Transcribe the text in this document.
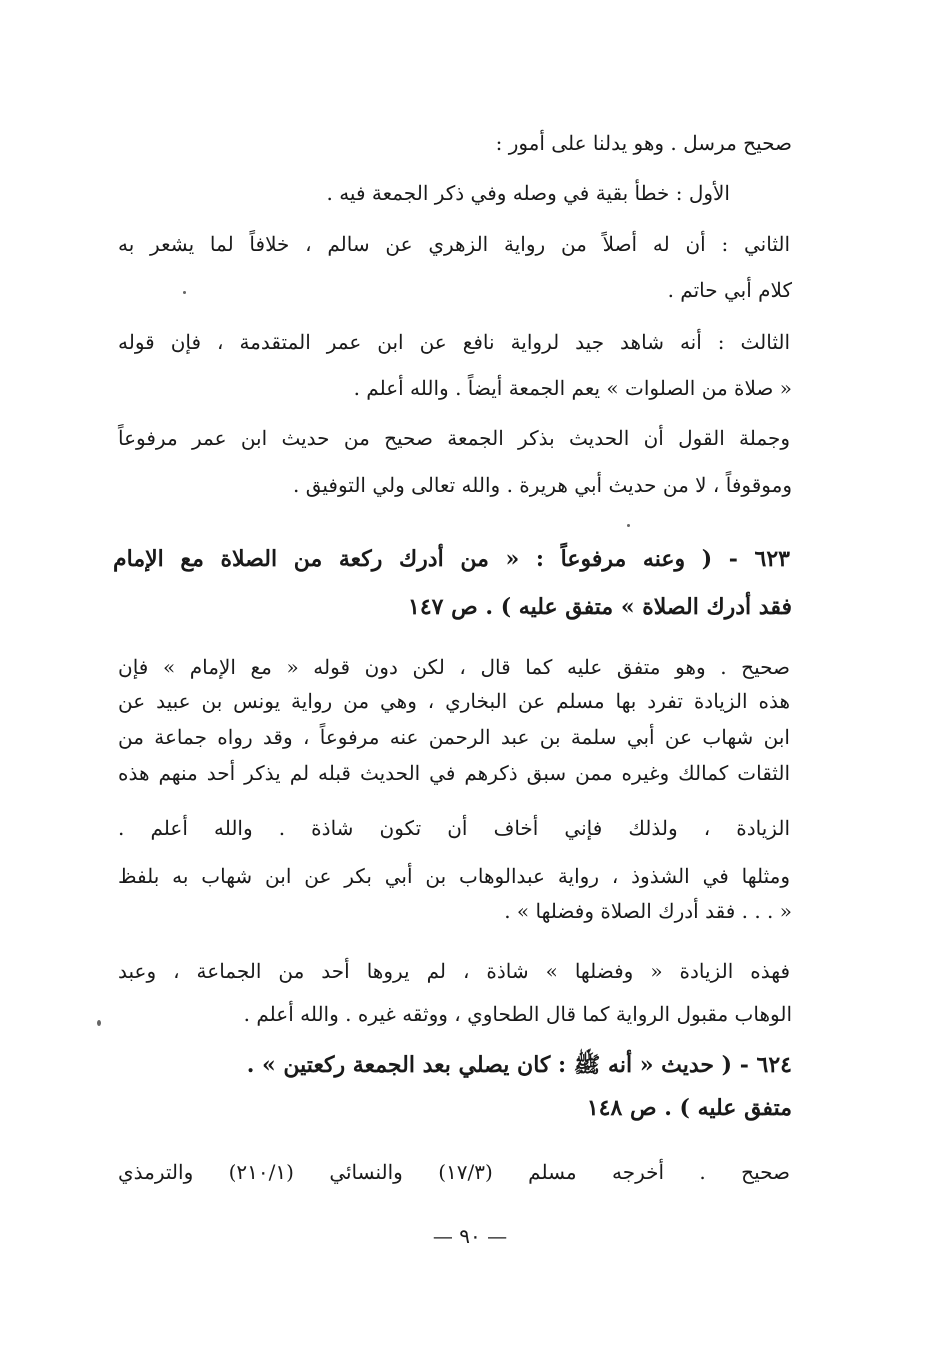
صحيح مرسل . وهو يدلنا على أمور :
الأول : خطأ بقية في وصله وفي ذكر الجمعة فيه .
الثاني : أن له أصلاً من رواية الزهري عن سالم ، خلافاً لما يشعر به
كلام أبي حاتم .
الثالث : أنه شاهد جيد لرواية نافع عن ابن عمر المتقدمة ، فإن قوله
« صلاة من الصلوات » يعم الجمعة أيضاً . والله أعلم .
وجملة القول أن الحديث بذكر الجمعة صحيح من حديث ابن عمر مرفوعاً
وموقوفاً ، لا من حديث أبي هريرة . والله تعالى ولي التوفيق .
٦٢٣ - ( وعنه مرفوعاً : « من أدرك ركعة من الصلاة مع الإمام
فقد أدرك الصلاة » متفق عليه ) . ص ١٤٧
صحيح . وهو متفق عليه كما قال ، لكن دون قوله « مع الإمام » فإن
هذه الزيادة تفرد بها مسلم عن البخاري ، وهي من رواية يونس بن عبيد عن
ابن شهاب عن أبي سلمة بن عبد الرحمن عنه مرفوعاً ، وقد رواه جماعة من
الثقات كمالك وغيره ممن سبق ذكرهم في الحديث قبله لم يذكر أحد منهم هذه
الزيادة ، ولذلك فإني أخاف أن تكون شاذة . والله أعلم .
ومثلها في الشذوذ ، رواية عبدالوهاب بن أبي بكر عن ابن شهاب به بلفظ
« . . . فقد أدرك الصلاة وفضلها » .
فهذه الزيادة « وفضلها » شاذة ، لم يروها أحد من الجماعة ، وعبد
الوهاب مقبول الرواية كما قال الطحاوي ، ووثقه غيره . والله أعلم .
٦٢٤ - ( حديث « أنه ﷺ : كان يصلي بعد الجمعة ركعتين » .
متفق عليه ) . ص ١٤٨
صحيح . أخرجه مسلم (١٧/٣) والنسائي (٢١٠/١) والترمذي
— ٩٠ —
